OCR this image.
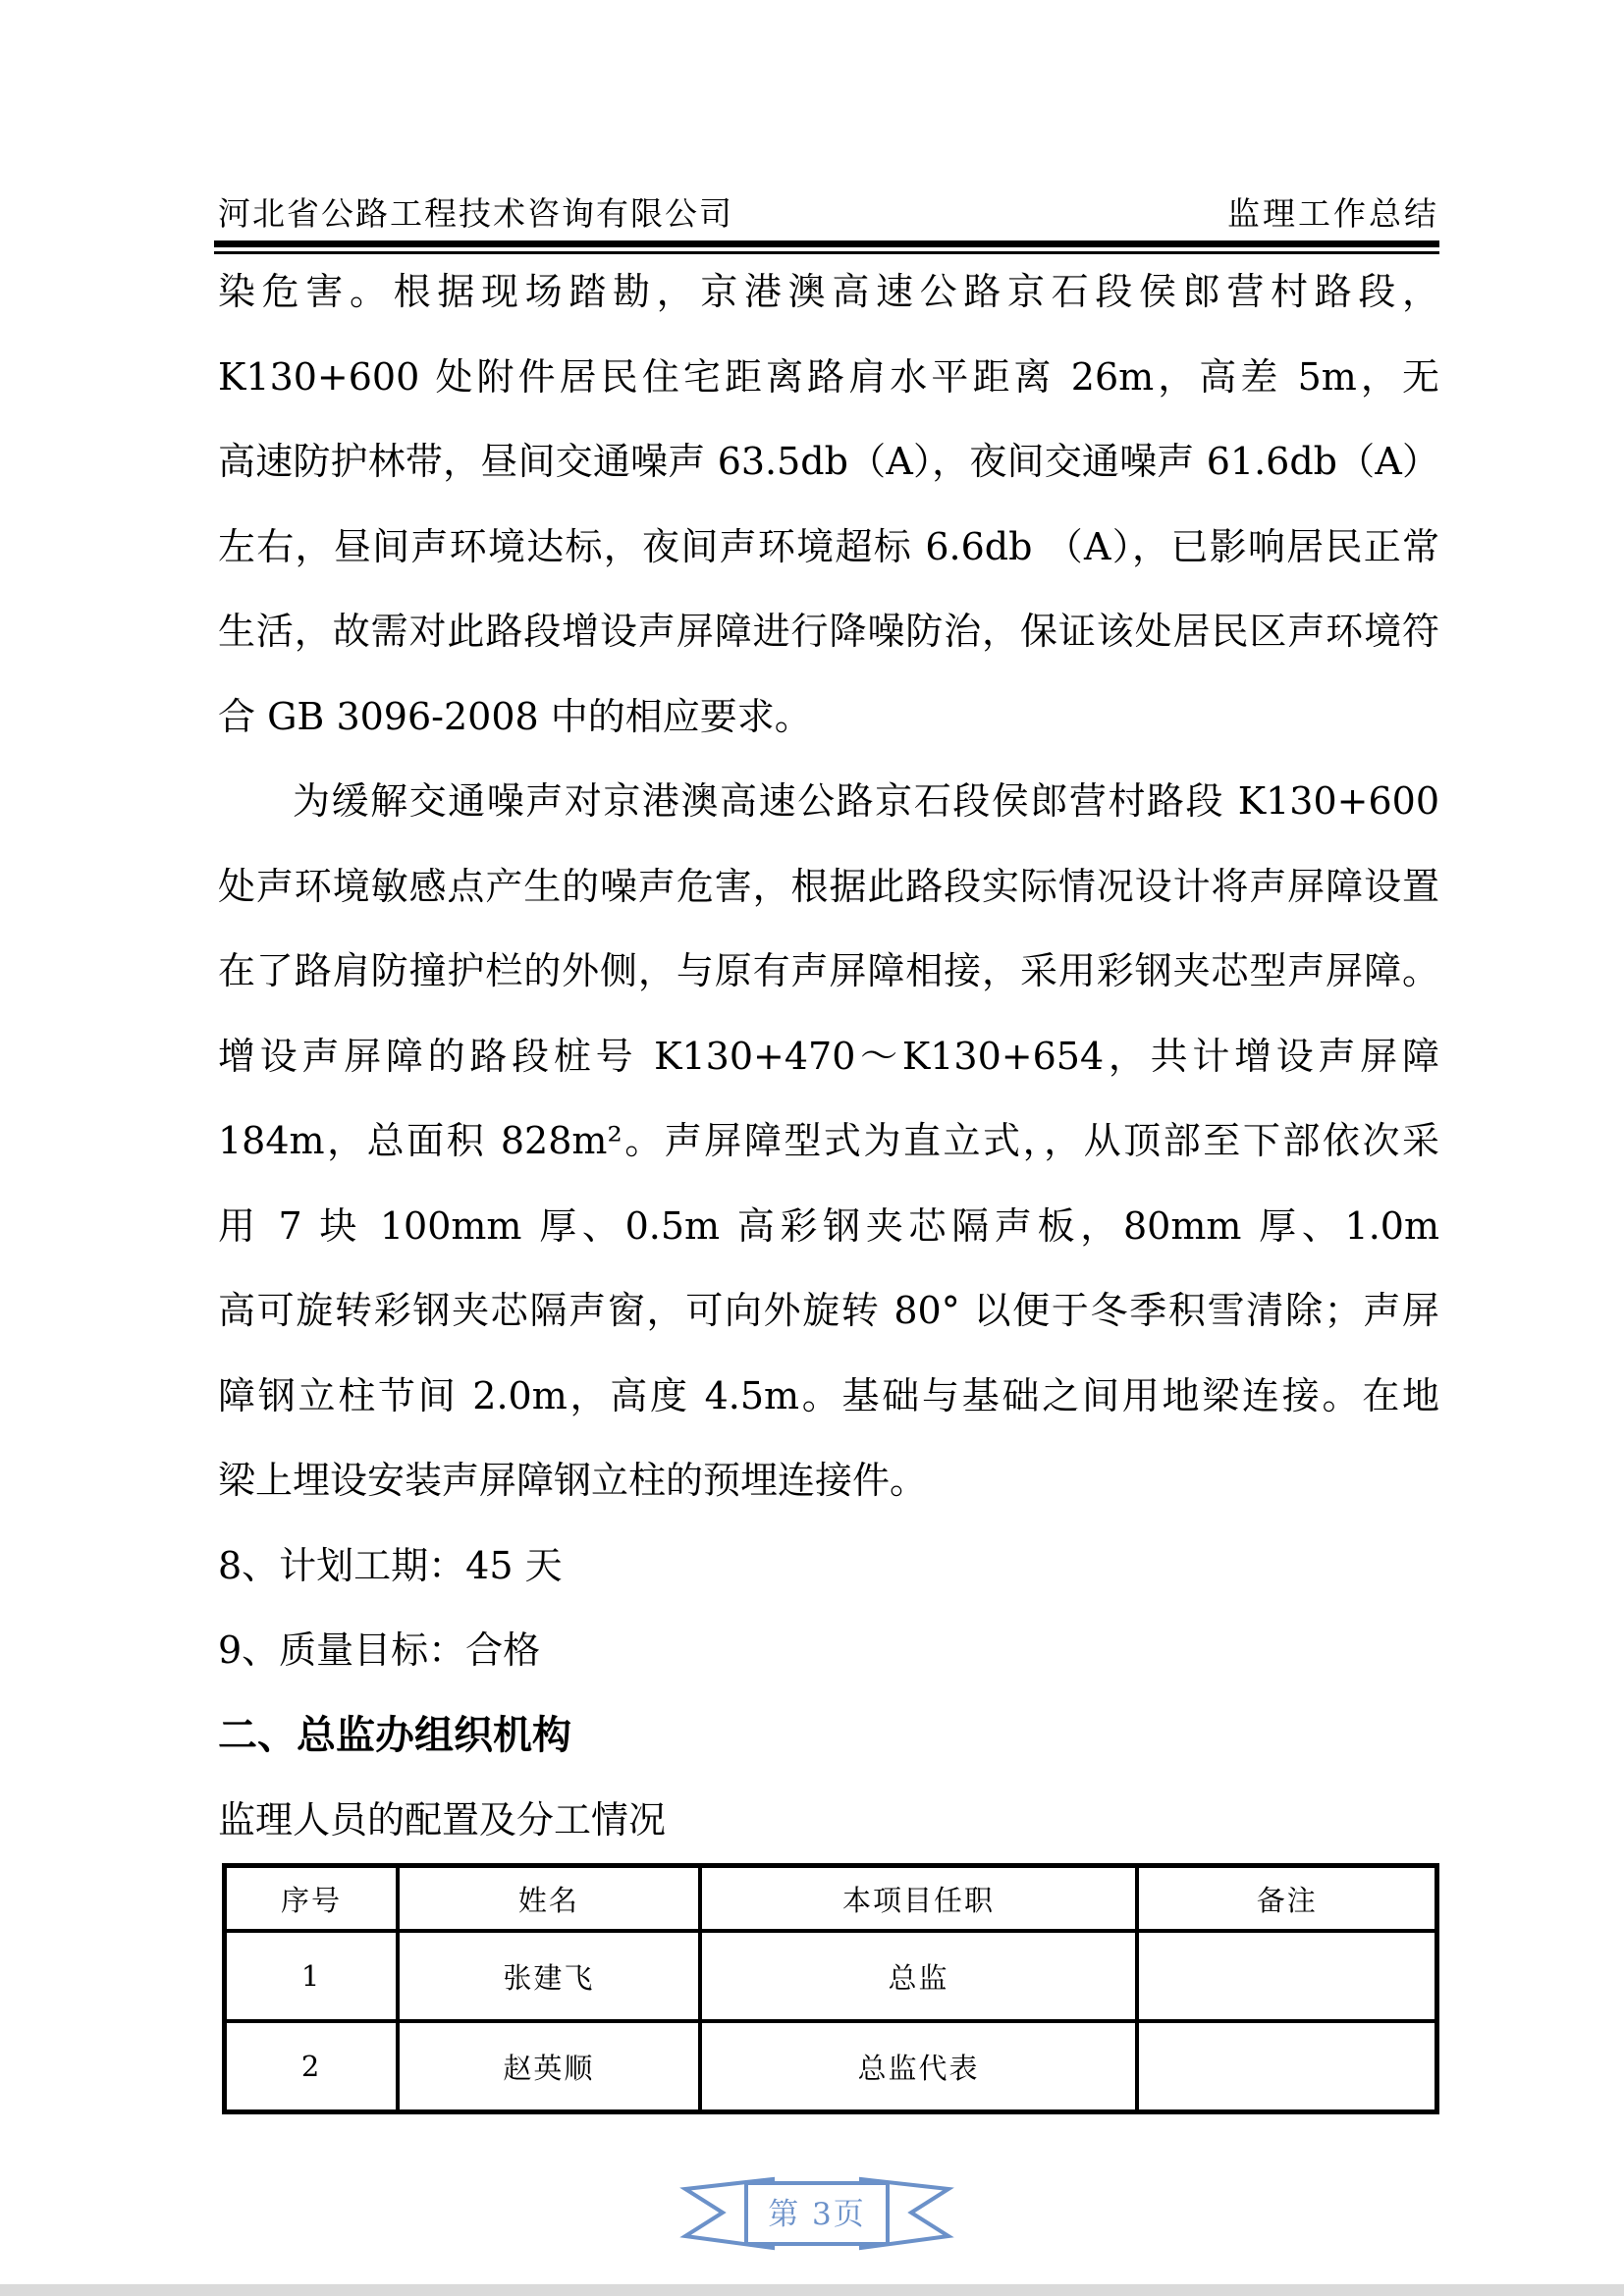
河北省公路工程技术咨询有限公司	监理工作总结
染危害。根据现场踏勘，京港澳高速公路京石段侯郎营村路段，
K130+600 处附件居民住宅距离路肩水平距离 26m，高差 5m，无
高速防护林带，昼间交通噪声 63.5db（A），夜间交通噪声 61.6db（A）
左右，昼间声环境达标，夜间声环境超标 6.6db （A），已影响居民正常
生活，故需对此路段增设声屏障进行降噪防治，保证该处居民区声环境符
合 GB 3096-2008 中的相应要求。
为缓解交通噪声对京港澳高速公路京石段侯郎营村路段 K130+600
处声环境敏感点产生的噪声危害，根据此路段实际情况设计将声屏障设置
在了路肩防撞护栏的外侧，与原有声屏障相接，采用彩钢夹芯型声屏障。
增设声屏障的路段桩号 K130+470～K130+654，共计增设声屏障
184m，总面积 828m²。声屏障型式为直立式，，从顶部至下部依次采
用 7 块 100mm 厚、0.5m 高彩钢夹芯隔声板，80mm 厚、1.0m
高可旋转彩钢夹芯隔声窗，可向外旋转 80° 以便于冬季积雪清除；声屏
障钢立柱节间 2.0m，高度 4.5m。基础与基础之间用地梁连接。在地
梁上埋设安装声屏障钢立柱的预埋连接件。
8、计划工期：45 天
9、质量目标：合格
二、总监办组织机构
监理人员的配置及分工情况
序号	姓名	本项目任职	备注
1	张建飞	总监	
2	赵英顺	总监代表	
第 3页
